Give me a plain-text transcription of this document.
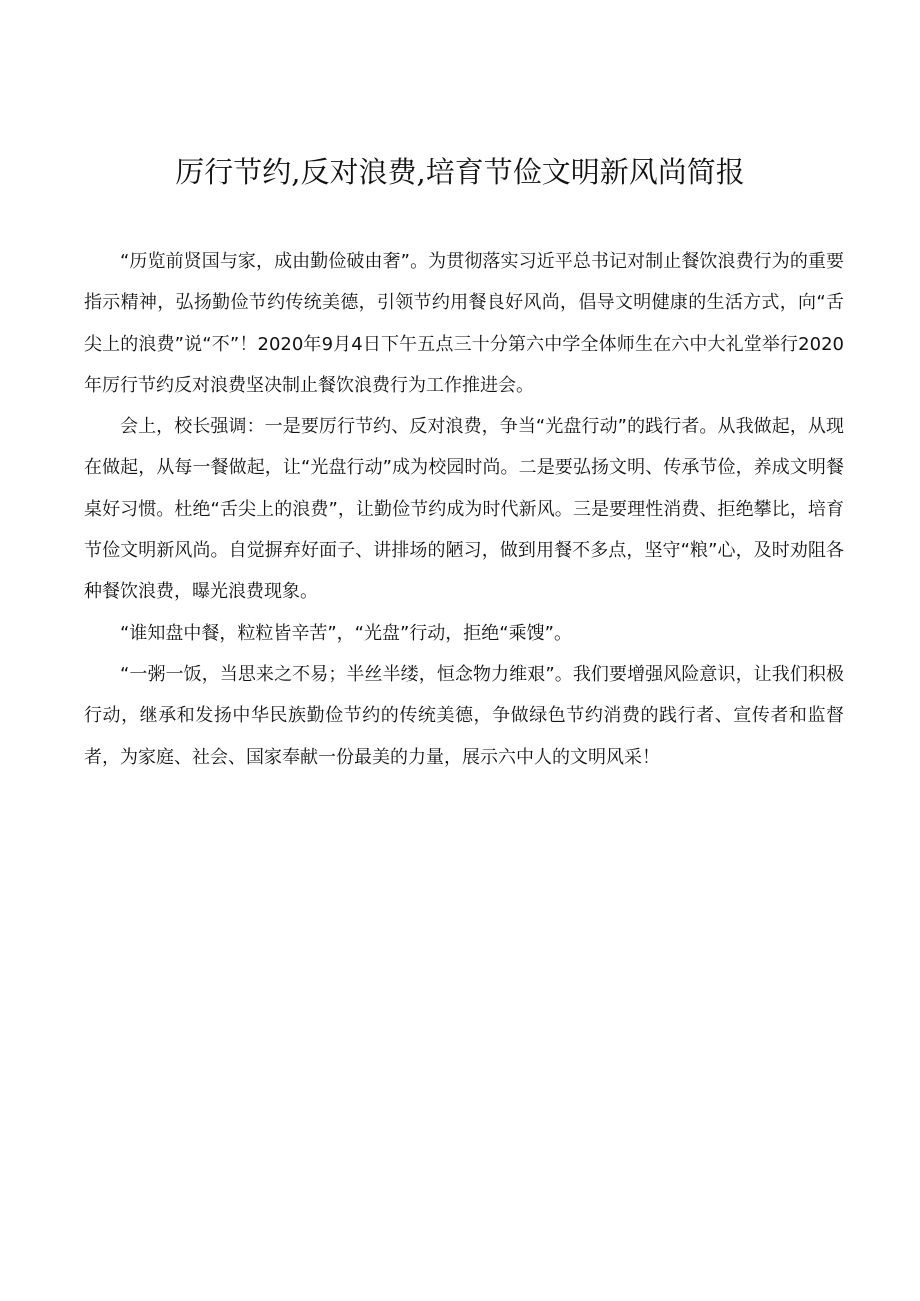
厉行节约,反对浪费,培育节俭文明新风尚简报

“历览前贤国与家，成由勤俭破由奢”。为贯彻落实习近平总书记对制止餐饮浪费行为的重要指示精神，弘扬勤俭节约传统美德，引领节约用餐良好风尚，倡导文明健康的生活方式，向“舌尖上的浪费”说“不”！2020年9月4日下午五点三十分第六中学全体师生在六中大礼堂举行2020年厉行节约反对浪费坚决制止餐饮浪费行为工作推进会。

会上，校长强调：一是要厉行节约、反对浪费，争当“光盘行动”的践行者。从我做起，从现在做起，从每一餐做起，让“光盘行动”成为校园时尚。二是要弘扬文明、传承节俭，养成文明餐桌好习惯。杜绝“舌尖上的浪费”，让勤俭节约成为时代新风。三是要理性消费、拒绝攀比，培育节俭文明新风尚。自觉摒弃好面子、讲排场的陋习，做到用餐不多点，坚守“粮”心，及时劝阻各种餐饮浪费，曝光浪费现象。

“谁知盘中餐，粒粒皆辛苦”，“光盘”行动，拒绝“乘馊”。

“一粥一饭，当思来之不易；半丝半缕，恒念物力维艰”。我们要增强风险意识，让我们积极行动，继承和发扬中华民族勤俭节约的传统美德，争做绿色节约消费的践行者、宣传者和监督者，为家庭、社会、国家奉献一份最美的力量，展示六中人的文明风采！
